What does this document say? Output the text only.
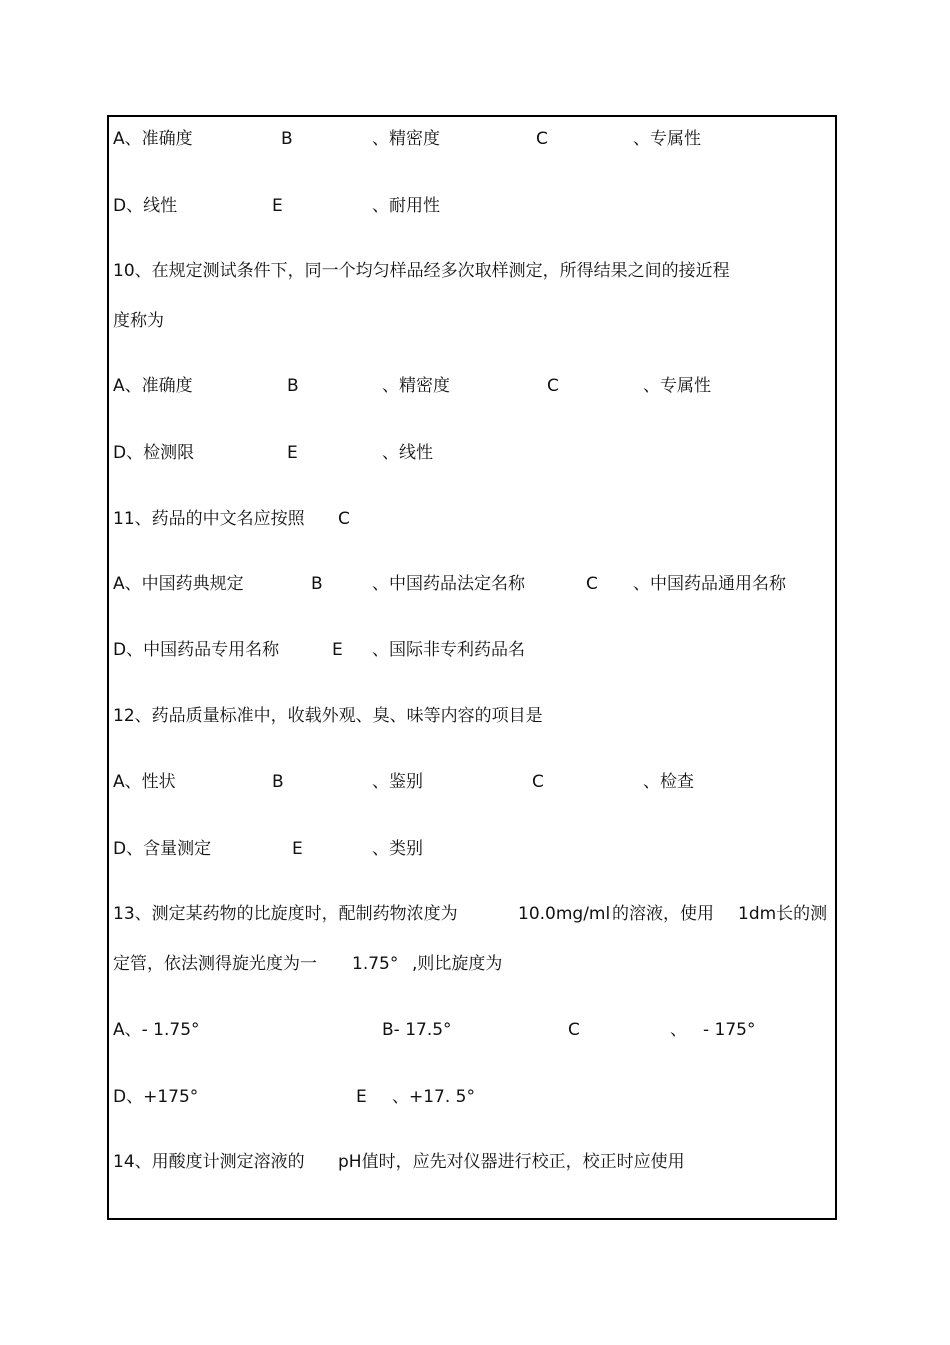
A、准确度	B	、精密度	C	、专属性
D、线性	E	、耐用性
10、在规定测试条件下，同一个均匀样品经多次取样测定，所得结果之间的接近程
度称为
A、准确度	B	、精密度	C	、专属性
D、检测限	E	、线性
11、药品的中文名应按照 C
A、中国药典规定	B	、中国药品法定名称	C 、中国药品通用名称
D、中国药品专用名称	E 、国际非专利药品名
12、药品质量标准中，收载外观、臭、味等内容的项目是
A、性状	B	、鉴别	C	、检查
D、含量测定	E	、类别
13、测定某药物的比旋度时，配制药物浓度为	10.0mg/ml 的溶液，使用 1dm长的测
定管，依法测得旋光度为一 1.75° ,则比旋度为
A、- 1.75°	B- 17.5°	C	、 - 175°
D、+175°	E 、+17. 5°
14、用酸度计测定溶液的 pH值时，应先对仪器进行校正，校正时应使用
